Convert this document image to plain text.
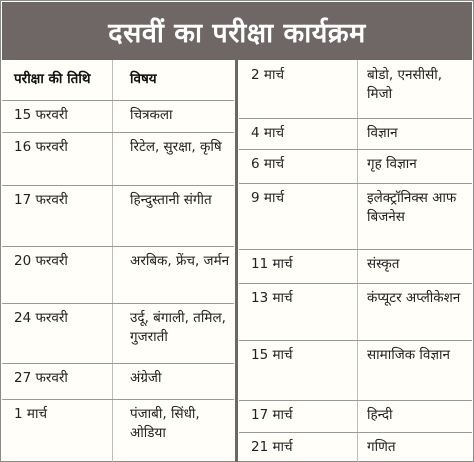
दसवीं का परीक्षा कार्यक्रम
परीक्षा की तिथि	विषय
15 फरवरी	चित्रकला
16 फरवरी	रिटेल, सुरक्षा, कृषि
17 फरवरी	हिन्दुस्तानी संगीत
20 फरवरी	अरबिक, फ्रेंच, जर्मन
24 फरवरी	उर्दू, बंगाली, तमिल, गुजराती
27 फरवरी	अंग्रेजी
1 मार्च	पंजाबी, सिंधी, ओडिया
2 मार्च	बोडो, एनसीसी, मिजो
4 मार्च	विज्ञान
6 मार्च	गृह विज्ञान
9 मार्च	इलेक्ट्रॉनिक्स आफ बिजनेस
11 मार्च	संस्कृत
13 मार्च	कंप्यूटर अप्लीकेशन
15 मार्च	सामाजिक विज्ञान
17 मार्च	हिन्दी
21 मार्च	गणित
